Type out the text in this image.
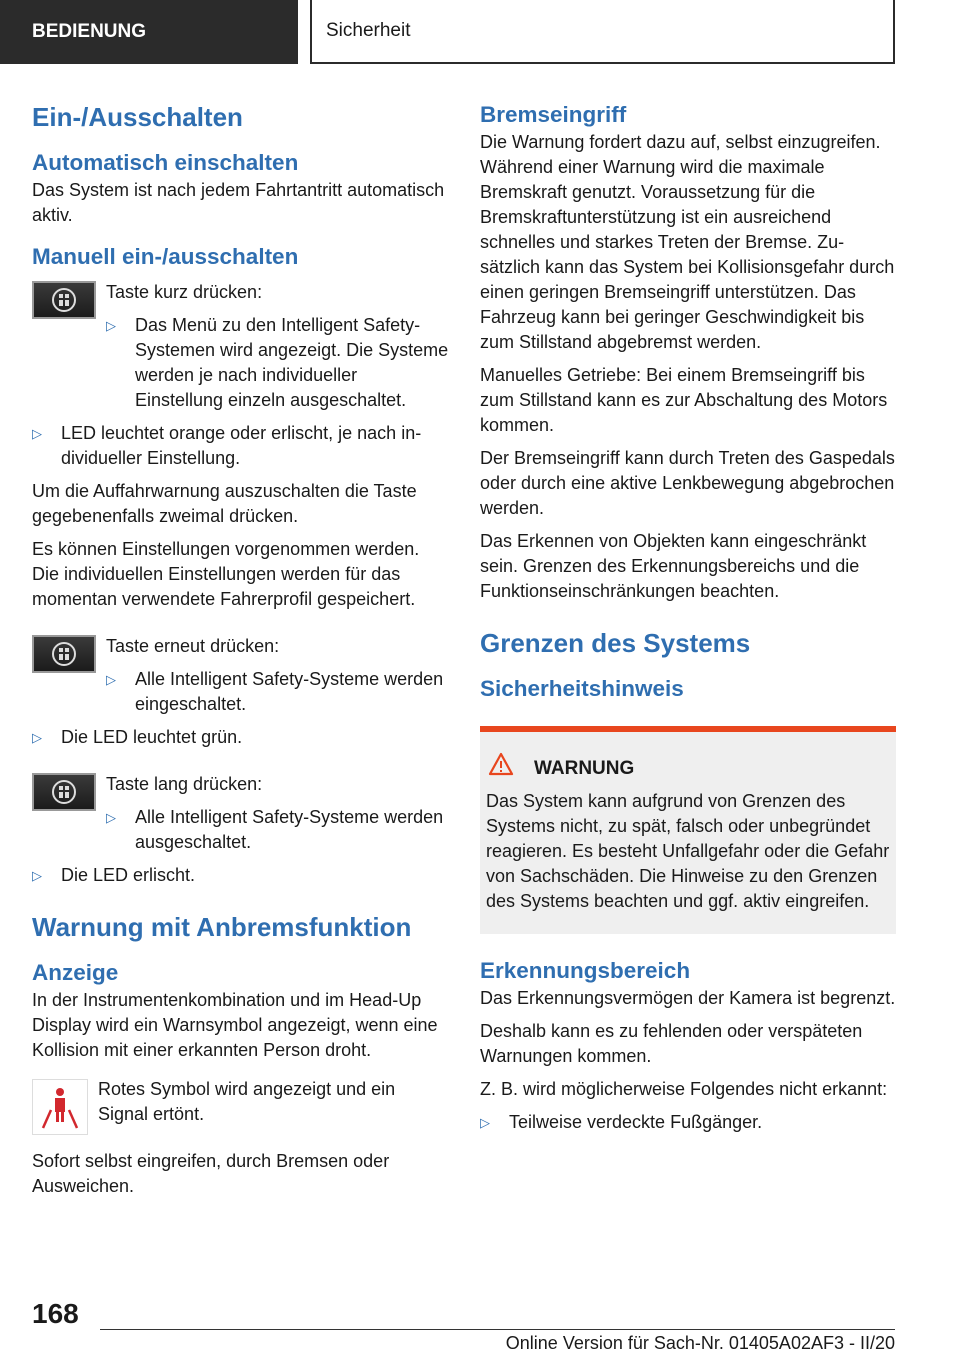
BEDIENUNG	Sicherheit
Ein-/Ausschalten
Automatisch einschalten

Das System ist nach jedem Fahrtantritt automatisch aktiv.

Manuell ein-/ausschalten

Taste kurz drücken:

▷	Das Menü zu den Intelligent Safety-Systemen wird angezeigt. Die Systeme werden je nach individueller Einstellung einzeln ausgeschaltet.
▷	LED leuchtet orange oder erlischt, je nach individueller Einstellung.

Um die Auffahrwarnung auszuschalten die Taste gegebenenfalls zweimal drücken.

Es können Einstellungen vorgenommen werden. Die individuellen Einstellungen werden für das momentan verwendete Fahrerprofil gespeichert.

Taste erneut drücken:

▷	Alle Intelligent Safety-Systeme werden eingeschaltet.
▷	Die LED leuchtet grün.

Taste lang drücken:

▷	Alle Intelligent Safety-Systeme werden ausgeschaltet.
▷	Die LED erlischt.
Warnung mit Anbremsfunktion
Anzeige

In der Instrumentenkombination und im Head-Up Display wird ein Warnsymbol angezeigt, wenn eine Kollision mit einer erkannten Person droht.

Rotes Symbol wird angezeigt und ein Signal ertönt.

Sofort selbst eingreifen, durch Bremsen oder Ausweichen.

Bremseingriff

Die Warnung fordert dazu auf, selbst einzugreifen. Während einer Warnung wird die maximale Bremskraft genutzt. Voraussetzung für die Bremskraftunterstützung ist ein ausreichend schnelles und starkes Treten der Bremse. Zusätzlich kann das System bei Kollisionsgefahr durch einen geringen Bremseingriff unterstützen. Das Fahrzeug kann bei geringer Geschwindigkeit bis zum Stillstand abgebremst werden.

Manuelles Getriebe: Bei einem Bremseingriff bis zum Stillstand kann es zur Abschaltung des Motors kommen.

Der Bremseingriff kann durch Treten des Gaspedals oder durch eine aktive Lenkbewegung abgebrochen werden.

Das Erkennen von Objekten kann eingeschränkt sein. Grenzen des Erkennungsbereichs und die Funktionseinschränkungen beachten.

Grenzen des Systems
Sicherheitshinweis
WARNUNG

Das System kann aufgrund von Grenzen des Systems nicht, zu spät, falsch oder unbegründet reagieren. Es besteht Unfallgefahr oder die Gefahr von Sachschäden. Die Hinweise zu den Grenzen des Systems beachten und ggf. aktiv eingreifen.

Erkennungsbereich

Das Erkennungsvermögen der Kamera ist begrenzt.

Deshalb kann es zu fehlenden oder verspäteten Warnungen kommen.

Z. B. wird möglicherweise Folgendes nicht erkannt:

▷	Teilweise verdeckte Fußgänger.
168
Online Version für Sach-Nr. 01405A02AF3 - II/20
